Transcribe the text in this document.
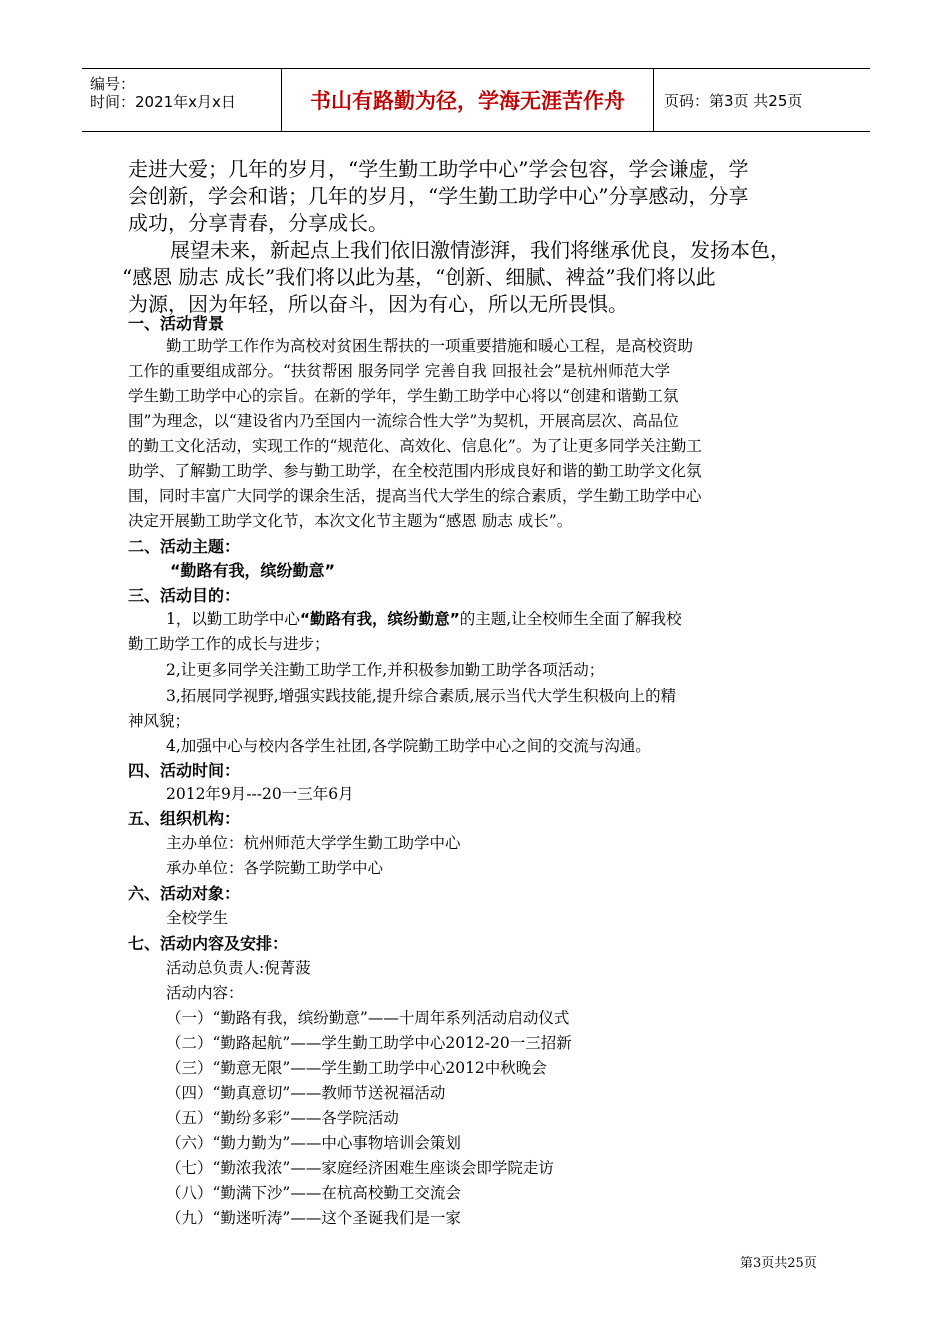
编号：
时间：2021年x月x日	书山有路勤为径，学海无涯苦作舟	页码：第3页 共25页
走进大爱；几年的岁月，“学生勤工助学中心”学会包容，学会谦虚，学
会创新，学会和谐；几年的岁月，“学生勤工助学中心”分享感动，分享
成功，分享青春，分享成长。
展望未来，新起点上我们依旧激情澎湃，我们将继承优良，发扬本色，
“感恩 励志 成长”我们将以此为基，“创新、细腻、裨益”我们将以此
为源，因为年轻，所以奋斗，因为有心，所以无所畏惧。
一、活动背景
勤工助学工作作为高校对贫困生帮扶的一项重要措施和暖心工程，是高校资助
工作的重要组成部分。“扶贫帮困 服务同学 完善自我 回报社会”是杭州师范大学
学生勤工助学中心的宗旨。在新的学年，学生勤工助学中心将以“创建和谐勤工氛
围”为理念，以“建设省内乃至国内一流综合性大学”为契机，开展高层次、高品位
的勤工文化活动，实现工作的“规范化、高效化、信息化”。为了让更多同学关注勤工
助学、了解勤工助学、参与勤工助学，在全校范围内形成良好和谐的勤工助学文化氛
围，同时丰富广大同学的课余生活，提高当代大学生的综合素质，学生勤工助学中心
决定开展勤工助学文化节，本次文化节主题为“感恩 励志 成长”。
二、活动主题：
“勤路有我，缤纷勤意”
三、活动目的：
1，以勤工助学中心“勤路有我，缤纷勤意”的主题,让全校师生全面了解我校
勤工助学工作的成长与进步；
2,让更多同学关注勤工助学工作,并积极参加勤工助学各项活动；
3,拓展同学视野,增强实践技能,提升综合素质,展示当代大学生积极向上的精
神风貌；
4,加强中心与校内各学生社团,各学院勤工助学中心之间的交流与沟通。
四、活动时间：
2012年9月---20一三年6月
五、组织机构：
主办单位：杭州师范大学学生勤工助学中心
承办单位：各学院勤工助学中心
六、活动对象：
全校学生
七、活动内容及安排：
活动总负责人:倪菁菠
活动内容：
（一）“勤路有我，缤纷勤意”——十周年系列活动启动仪式
（二）“勤路起航”——学生勤工助学中心2012-20一三招新
（三）“勤意无限”——学生勤工助学中心2012中秋晚会
（四）“勤真意切”——教师节送祝福活动
（五）“勤纷多彩”——各学院活动
（六）“勤力勤为”——中心事物培训会策划
（七）“勤浓我浓”——家庭经济困难生座谈会即学院走访
（八）“勤满下沙”——在杭高校勤工交流会
（九）“勤迷听涛”——这个圣诞我们是一家
第3页共25页
